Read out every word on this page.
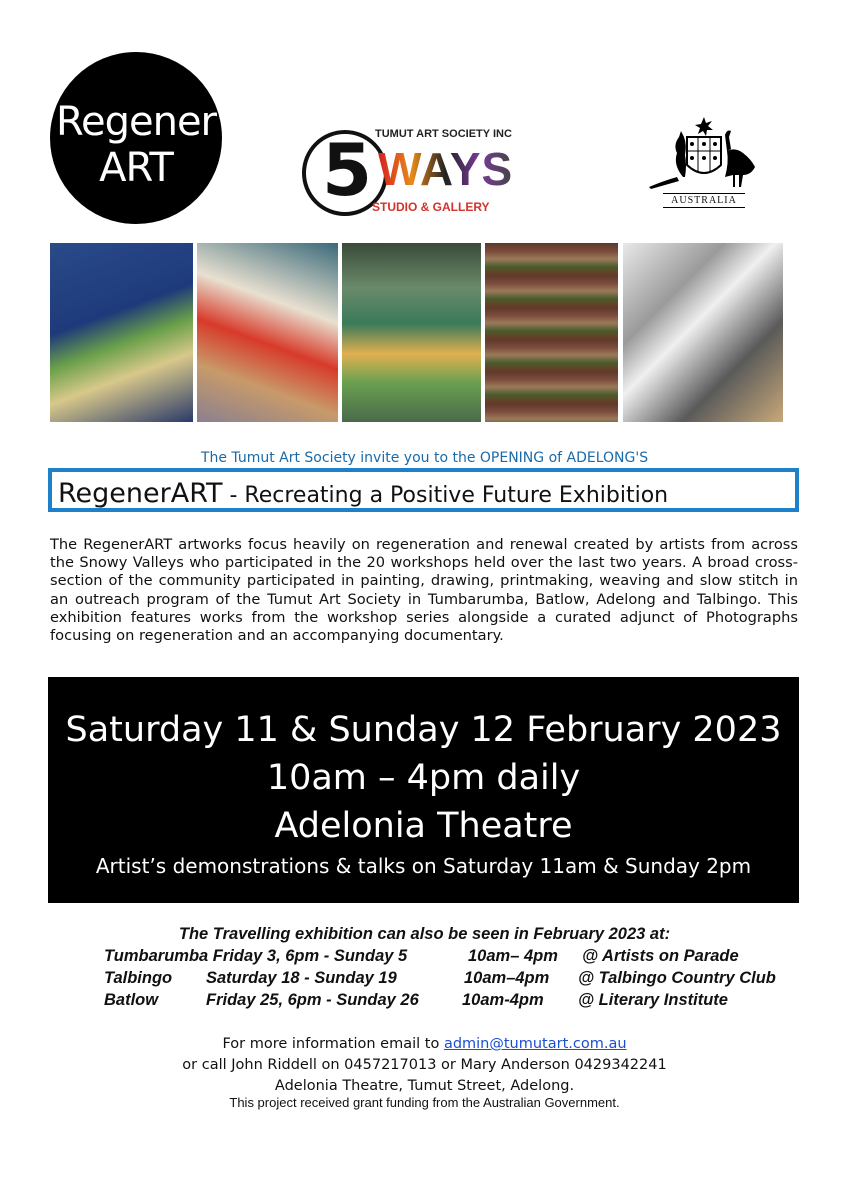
Regener
ART
TUMUT ART SOCIETY INC
5 WAYS
STUDIO & GALLERY	AUSTRALIA
The Tumut Art Society invite you to the OPENING of ADELONG'S
RegenerART - Recreating a Positive Future Exhibition
The RegenerART artworks focus heavily on regeneration and renewal created by artists from across the Snowy Valleys who participated in the 20 workshops held over the last two years. A broad cross-section of the community participated in painting, drawing, printmaking, weaving and slow stitch in an outreach program of the Tumut Art Society in Tumbarumba, Batlow, Adelong and Talbingo. This exhibition features works from the workshop series alongside a curated adjunct of Photographs focusing on regeneration and an accompanying documentary.
Saturday 11 & Sunday 12 February 2023
10am – 4pm daily
Adelonia Theatre
Artist’s demonstrations & talks on Saturday 11am & Sunday 2pm
The Travelling exhibition can also be seen in February 2023 at:
Tumbarumba Friday 3, 6pm - Sunday 5	10am– 4pm @ Artists on Parade
Talbingo Saturday 18 - Sunday 19	10am–4pm @ Talbingo Country Club
Batlow	Friday 25, 6pm - Sunday 26	10am-4pm @ Literary Institute
For more information email to admin@tumutart.com.au
or call John Riddell on 0457217013 or Mary Anderson 0429342241
Adelonia Theatre, Tumut Street, Adelong.
This project received grant funding from the Australian Government.
